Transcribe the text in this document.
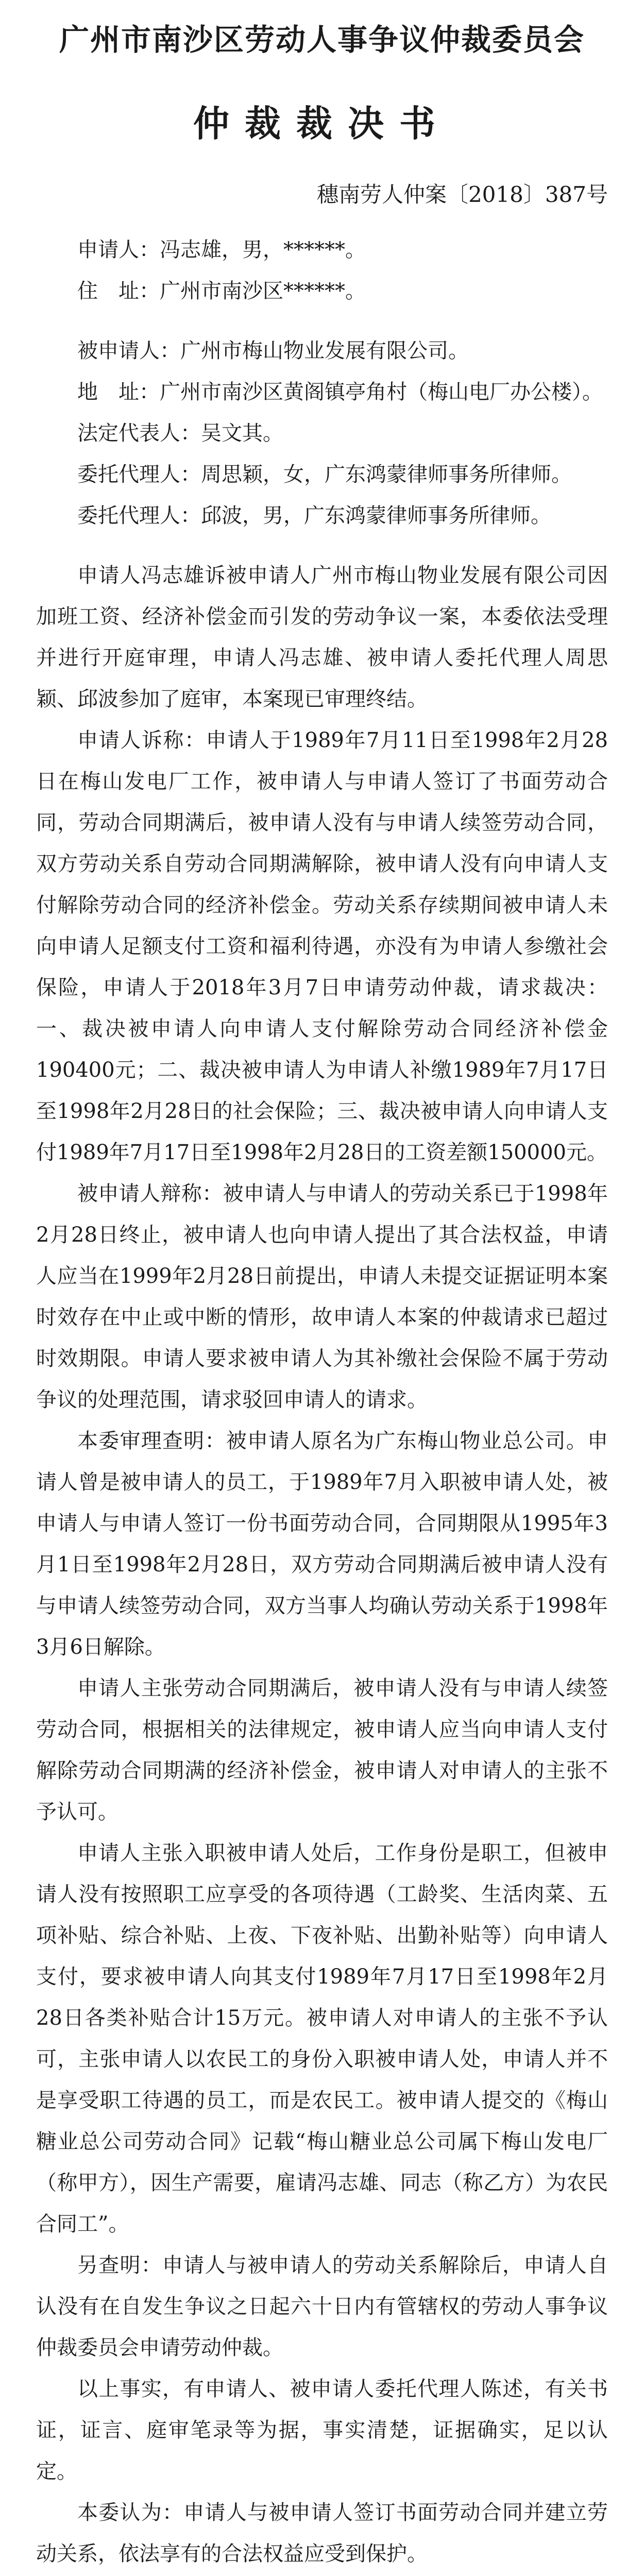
广州市南沙区劳动人事争议仲裁委员会
仲裁裁决书
穗南劳人仲案〔2018〕387号

申请人：冯志雄，男，******。

住　址：广州市南沙区******。

被申请人：广州市梅山物业发展有限公司。

地　址：广州市南沙区黄阁镇亭角村（梅山电厂办公楼）。

法定代表人：吴文其。

委托代理人：周思颖，女，广东鸿蒙律师事务所律师。

委托代理人：邱波，男，广东鸿蒙律师事务所律师。

申请人冯志雄诉被申请人广州市梅山物业发展有限公司因加班工资、经济补偿金而引发的劳动争议一案，本委依法受理并进行开庭审理，申请人冯志雄、被申请人委托代理人周思颖、邱波参加了庭审，本案现已审理终结。

申请人诉称：申请人于1989年7月11日至1998年2月28日在梅山发电厂工作，被申请人与申请人签订了书面劳动合同，劳动合同期满后，被申请人没有与申请人续签劳动合同，双方劳动关系自劳动合同期满解除，被申请人没有向申请人支付解除劳动合同的经济补偿金。劳动关系存续期间被申请人未向申请人足额支付工资和福利待遇，亦没有为申请人参缴社会保险，申请人于2018年3月7日申请劳动仲裁，请求裁决：一、裁决被申请人向申请人支付解除劳动合同经济补偿金190400元；二、裁决被申请人为申请人补缴1989年7月17日至1998年2月28日的社会保险；三、裁决被申请人向申请人支付1989年7月17日至1998年2月28日的工资差额150000元。

被申请人辩称：被申请人与申请人的劳动关系已于1998年2月28日终止，被申请人也向申请人提出了其合法权益，申请人应当在1999年2月28日前提出，申请人未提交证据证明本案时效存在中止或中断的情形，故申请人本案的仲裁请求已超过时效期限。申请人要求被申请人为其补缴社会保险不属于劳动争议的处理范围，请求驳回申请人的请求。

本委审理查明：被申请人原名为广东梅山物业总公司。申请人曾是被申请人的员工，于1989年7月入职被申请人处，被申请人与申请人签订一份书面劳动合同，合同期限从1995年3月1日至1998年2月28日，双方劳动合同期满后被申请人没有与申请人续签劳动合同，双方当事人均确认劳动关系于1998年3月6日解除。

申请人主张劳动合同期满后，被申请人没有与申请人续签劳动合同，根据相关的法律规定，被申请人应当向申请人支付解除劳动合同期满的经济补偿金，被申请人对申请人的主张不予认可。

申请人主张入职被申请人处后，工作身份是职工，但被申请人没有按照职工应享受的各项待遇（工龄奖、生活肉菜、五项补贴、综合补贴、上夜、下夜补贴、出勤补贴等）向申请人支付，要求被申请人向其支付1989年7月17日至1998年2月28日各类补贴合计15万元。被申请人对申请人的主张不予认可，主张申请人以农民工的身份入职被申请人处，申请人并不是享受职工待遇的员工，而是农民工。被申请人提交的《梅山糖业总公司劳动合同》记载“梅山糖业总公司属下梅山发电厂（称甲方），因生产需要，雇请冯志雄、同志（称乙方）为农民合同工”。

另查明：申请人与被申请人的劳动关系解除后，申请人自认没有在自发生争议之日起六十日内有管辖权的劳动人事争议仲裁委员会申请劳动仲裁。

以上事实，有申请人、被申请人委托代理人陈述，有关书证，证言、庭审笔录等为据，事实清楚，证据确实，足以认定。

本委认为：申请人与被申请人签订书面劳动合同并建立劳动关系，依法享有的合法权益应受到保护。
